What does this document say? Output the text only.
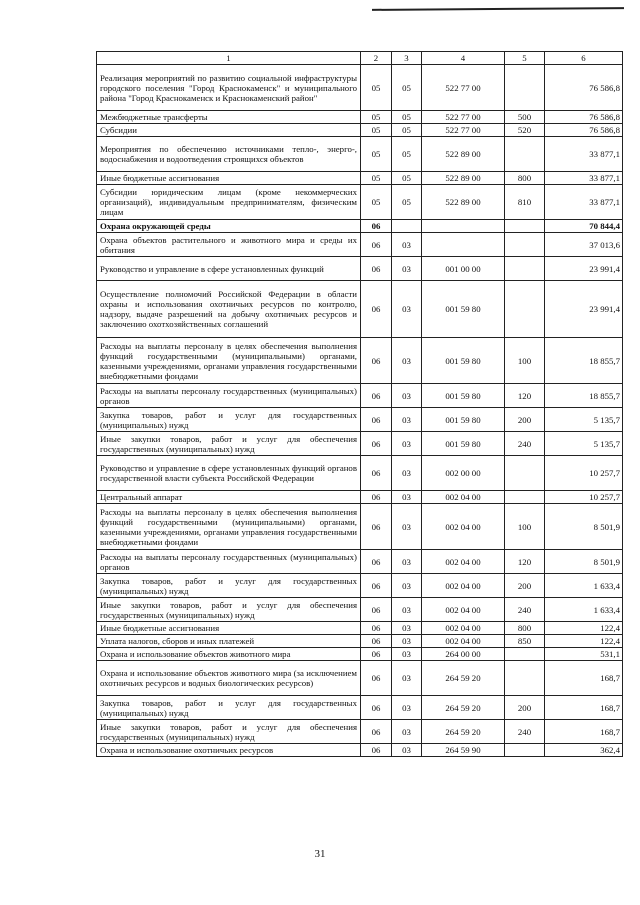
1	2	3	4	5	6
Реализация мероприятий по развитию социальной инфраструктуры городского поселения "Город Краснокаменск" и муниципального района "Город Краснокаменск и Краснокаменский район"	05	05	522 77 00		76 586,8
Межбюджетные трансферты	05	05	522 77 00	500	76 586,8
Субсидии	05	05	522 77 00	520	76 586,8
Мероприятия по обеспечению источниками тепло-, энерго-, водоснабжения и водоотведения строящихся объектов	05	05	522 89 00		33 877,1
Иные бюджетные ассигнования	05	05	522 89 00	800	33 877,1
Субсидии юридическим лицам (кроме некоммерческих организаций), индивидуальным предпринимателям, физическим лицам	05	05	522 89 00	810	33 877,1
Охрана окружающей среды	06				70 844,4
Охрана объектов растительного и животного мира и среды их обитания	06	03			37 013,6
Руководство и управление в сфере установленных функций	06	03	001 00 00		23 991,4
Осуществление полномочий Российской Федерации в области охраны и использования охотничьих ресурсов по контролю, надзору, выдаче разрешений на добычу охотничьих ресурсов и заключению охотхозяйственных соглашений	06	03	001 59 80		23 991,4
Расходы на выплаты персоналу в целях обеспечения выполнения функций государственными (муниципальными) органами, казенными учреждениями, органами управления государственными внебюджетными фондами	06	03	001 59 80	100	18 855,7
Расходы на выплаты персоналу государственных (муниципальных) органов	06	03	001 59 80	120	18 855,7
Закупка товаров, работ и услуг для государственных (муниципальных) нужд	06	03	001 59 80	200	5 135,7
Иные закупки товаров, работ и услуг для обеспечения государственных (муниципальных) нужд	06	03	001 59 80	240	5 135,7
Руководство и управление в сфере установленных функций органов государственной власти субъекта Российской Федерации	06	03	002 00 00		10 257,7
Центральный аппарат	06	03	002 04 00		10 257,7
Расходы на выплаты персоналу в целях обеспечения выполнения функций государственными (муниципальными) органами, казенными учреждениями, органами управления государственными внебюджетными фондами	06	03	002 04 00	100	8 501,9
Расходы на выплаты персоналу государственных (муниципальных) органов	06	03	002 04 00	120	8 501,9
Закупка товаров, работ и услуг для государственных (муниципальных) нужд	06	03	002 04 00	200	1 633,4
Иные закупки товаров, работ и услуг для обеспечения государственных (муниципальных) нужд	06	03	002 04 00	240	1 633,4
Иные бюджетные ассигнования	06	03	002 04 00	800	122,4
Уплата налогов, сборов и иных платежей	06	03	002 04 00	850	122,4
Охрана и использование объектов животного мира	06	03	264 00 00		531,1
Охрана и использование объектов животного мира (за исключением охотничьих ресурсов и водных биологических ресурсов)	06	03	264 59 20		168,7
Закупка товаров, работ и услуг для государственных (муниципальных) нужд	06	03	264 59 20	200	168,7
Иные закупки товаров, работ и услуг для обеспечения государственных (муниципальных) нужд	06	03	264 59 20	240	168,7
Охрана и использование охотничьих ресурсов	06	03	264 59 90		362,4
31
